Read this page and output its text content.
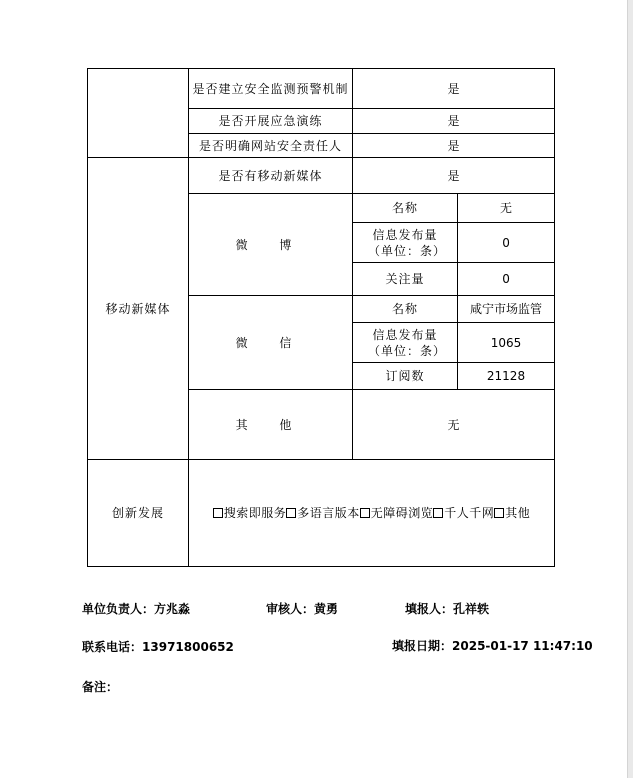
	是否建立安全监测预警机制	是	
	是否开展应急演练	是	
	是否明确网站安全责任人	是	
移动新媒体	是否有移动新媒体	是	
	微 博	名称	无
		信息发布量（单位：条）	0
		关注量	0
	微 信	名称	咸宁市场监管
		信息发布量（单位：条）	1065
		订阅数	21128
	其 他	无	
创新发展	搜索即服务 多语言版本 无障碍浏览 千人千网 其他		
单位负责人：方兆淼	审核人：黄勇	填报人：孔祥轶
联系电话：13971800652	填报日期：2025-01-17 11:47:10
备注：
